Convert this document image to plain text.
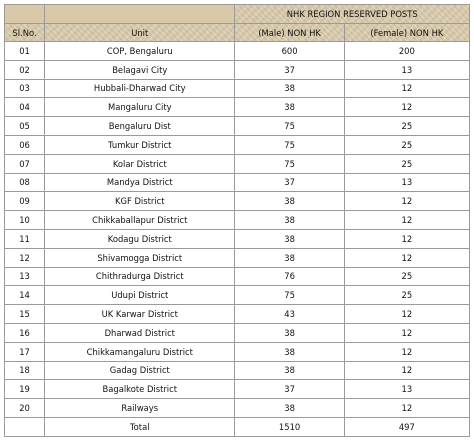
		NHK REGION RESERVED POSTS	
Sl.No.	Unit	(Male) NON HK	(Female) NON HK
01	COP, Bengaluru	600	200
02	Belagavi City	37	13
03	Hubbali-Dharwad City	38	12
04	Mangaluru City	38	12
05	Bengaluru Dist	75	25
06	Tumkur District	75	25
07	Kolar District	75	25
08	Mandya District	37	13
09	KGF District	38	12
10	Chikkaballapur District	38	12
11	Kodagu District	38	12
12	Shivamogga District	38	12
13	Chithradurga District	76	25
14	Udupi District	75	25
15	UK Karwar District	43	12
16	Dharwad District	38	12
17	Chikkamangaluru District	38	12
18	Gadag District	38	12
19	Bagalkote District	37	13
20	Railways	38	12
	Total	1510	497
